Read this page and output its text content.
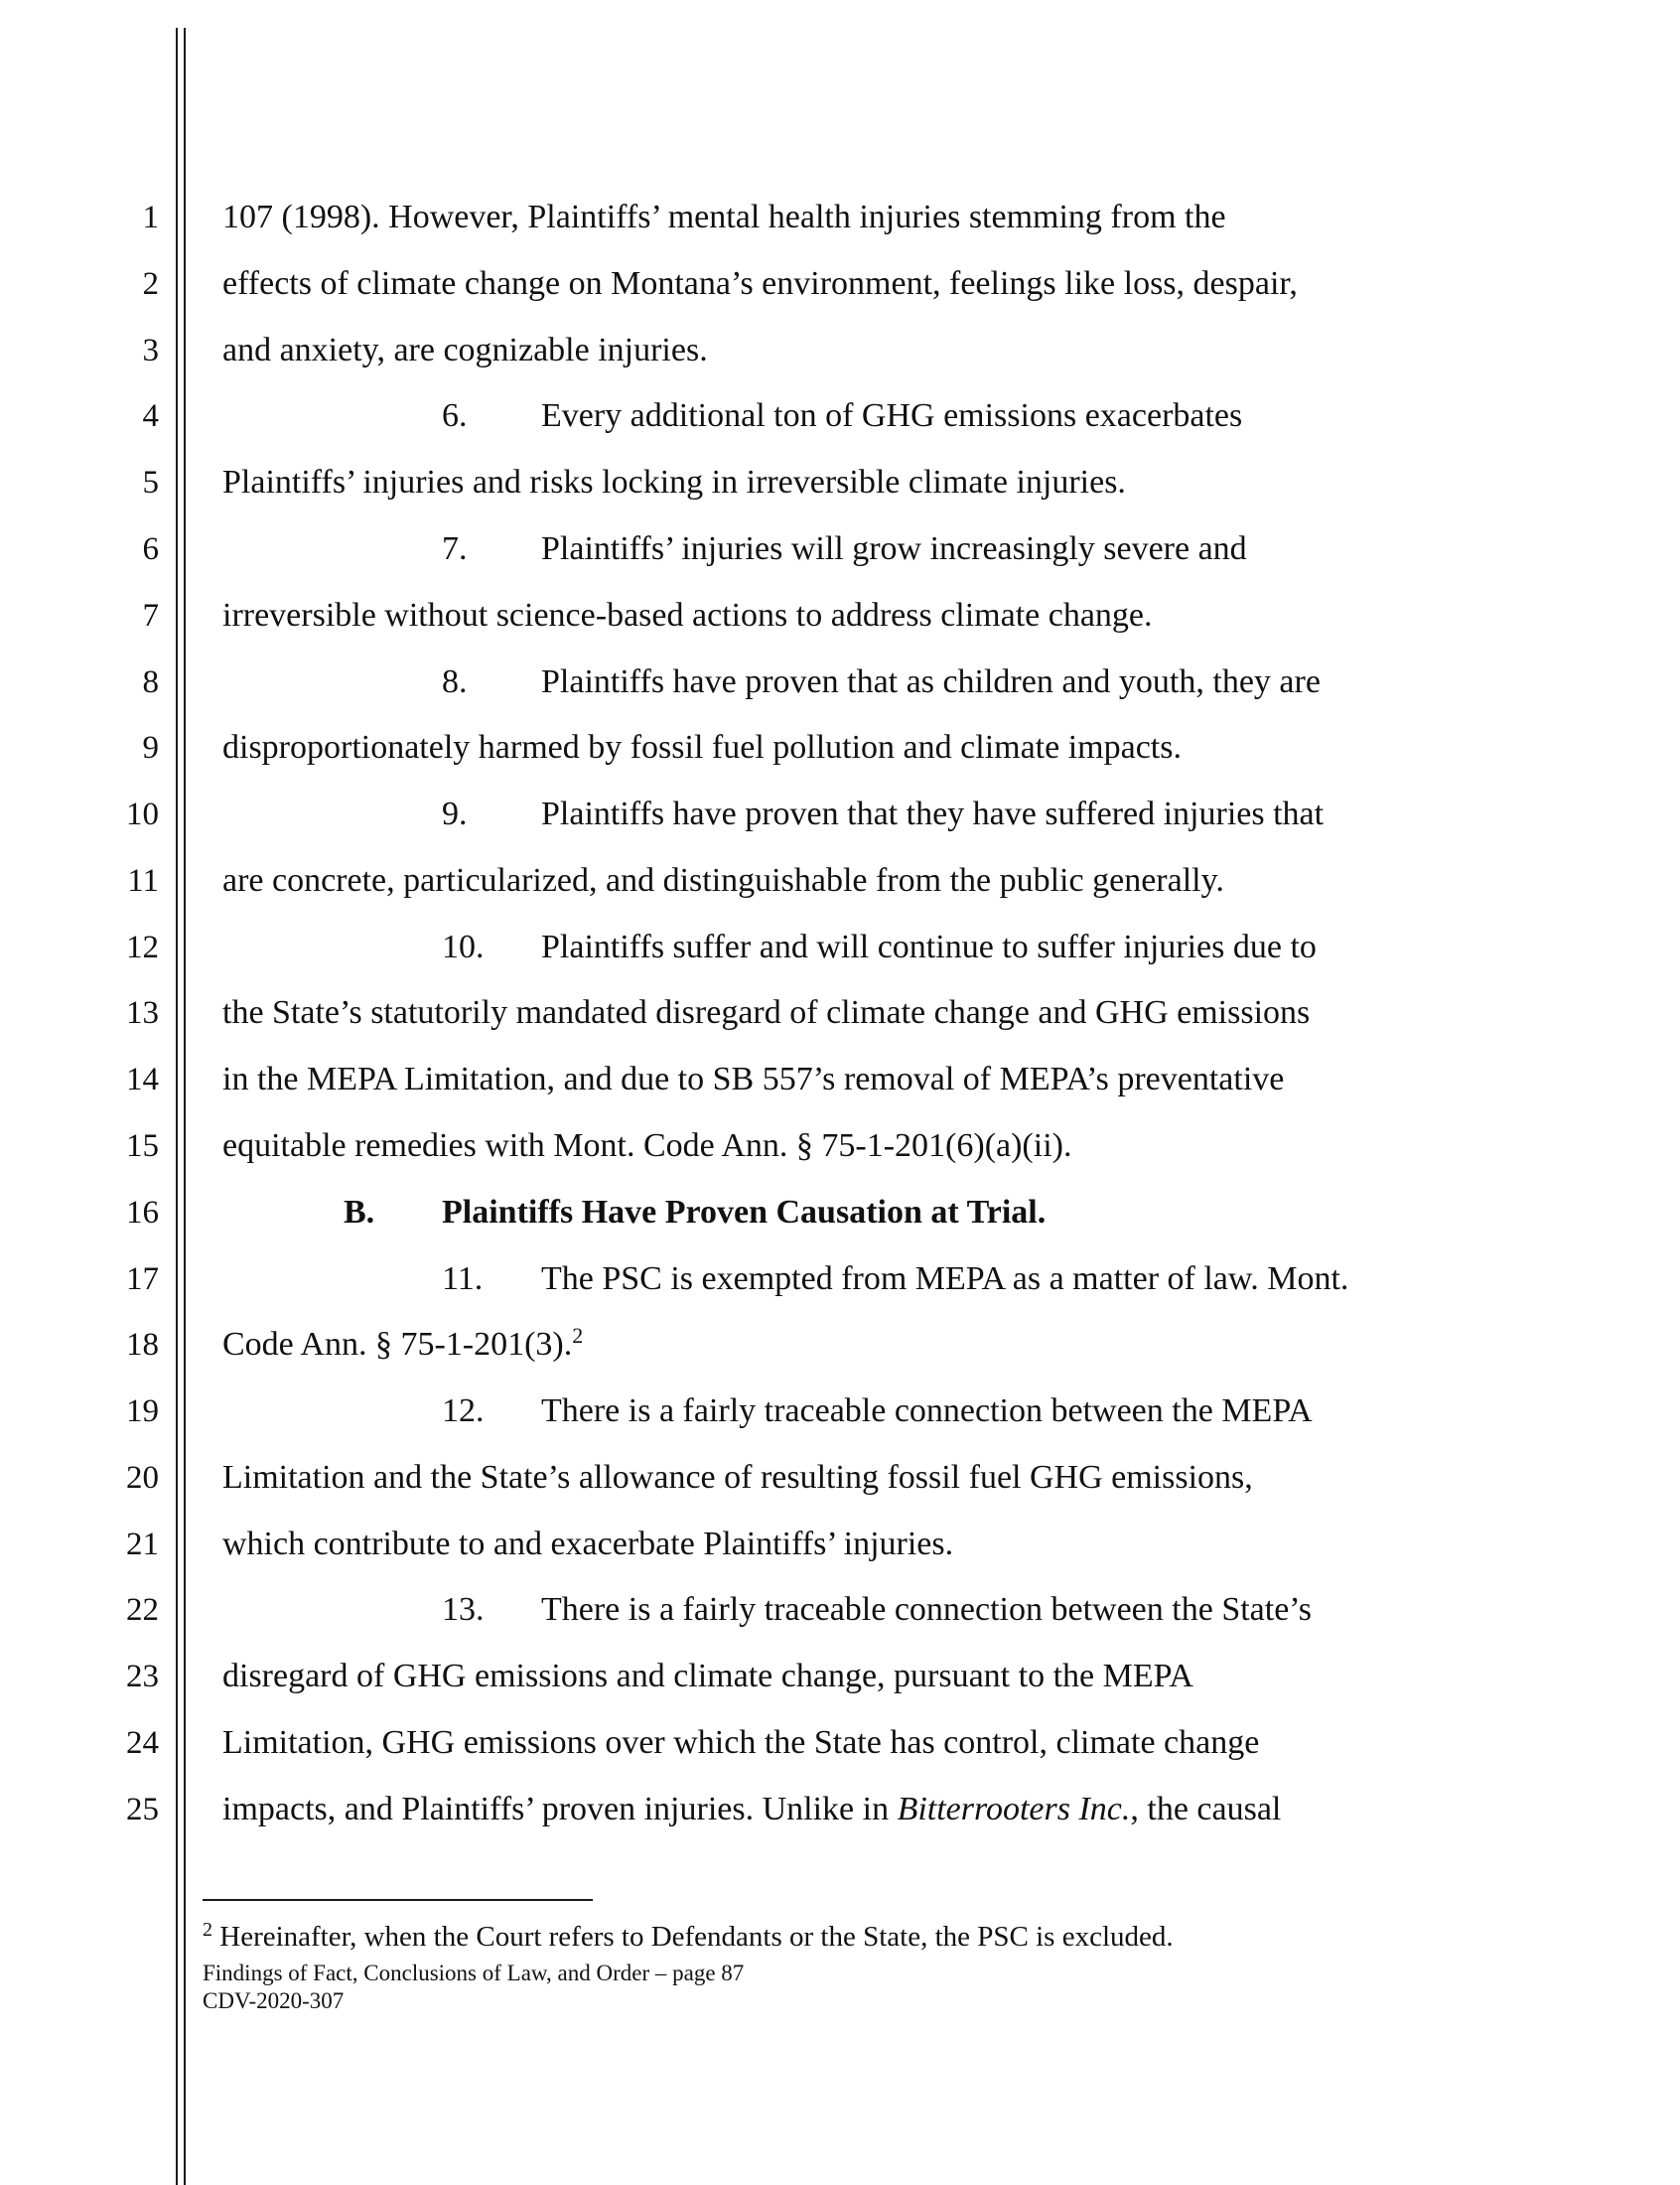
1
2
3
4
5
6
7
8
9
10
11
12
13
14
15
16
17
18
19
20
21
22
23
24
25
107 (1998). However, Plaintiffs’ mental health injuries stemming from the
effects of climate change on Montana’s environment, feelings like loss, despair,
and anxiety, are cognizable injuries.
6. Every additional ton of GHG emissions exacerbates
Plaintiffs’ injuries and risks locking in irreversible climate injuries.
7. Plaintiffs’ injuries will grow increasingly severe and
irreversible without science-based actions to address climate change.
8. Plaintiffs have proven that as children and youth, they are
disproportionately harmed by fossil fuel pollution and climate impacts.
9. Plaintiffs have proven that they have suffered injuries that
are concrete, particularized, and distinguishable from the public generally.
10. Plaintiffs suffer and will continue to suffer injuries due to
the State’s statutorily mandated disregard of climate change and GHG emissions
in the MEPA Limitation, and due to SB 557’s removal of MEPA’s preventative
equitable remedies with Mont. Code Ann. § 75-1-201(6)(a)(ii).
B. Plaintiffs Have Proven Causation at Trial.
11. The PSC is exempted from MEPA as a matter of law. Mont.
Code Ann. § 75-1-201(3).$^2$
12. There is a fairly traceable connection between the MEPA
Limitation and the State’s allowance of resulting fossil fuel GHG emissions,
which contribute to and exacerbate Plaintiffs’ injuries.
13. There is a fairly traceable connection between the State’s
disregard of GHG emissions and climate change, pursuant to the MEPA
Limitation, GHG emissions over which the State has control, climate change
impacts, and Plaintiffs’ proven injuries. Unlike in Bitterrooters Inc., the causal
$^2$ Hereinafter, when the Court refers to Defendants or the State, the PSC is excluded.
Findings of Fact, Conclusions of Law, and Order – page 87
CDV-2020-307
